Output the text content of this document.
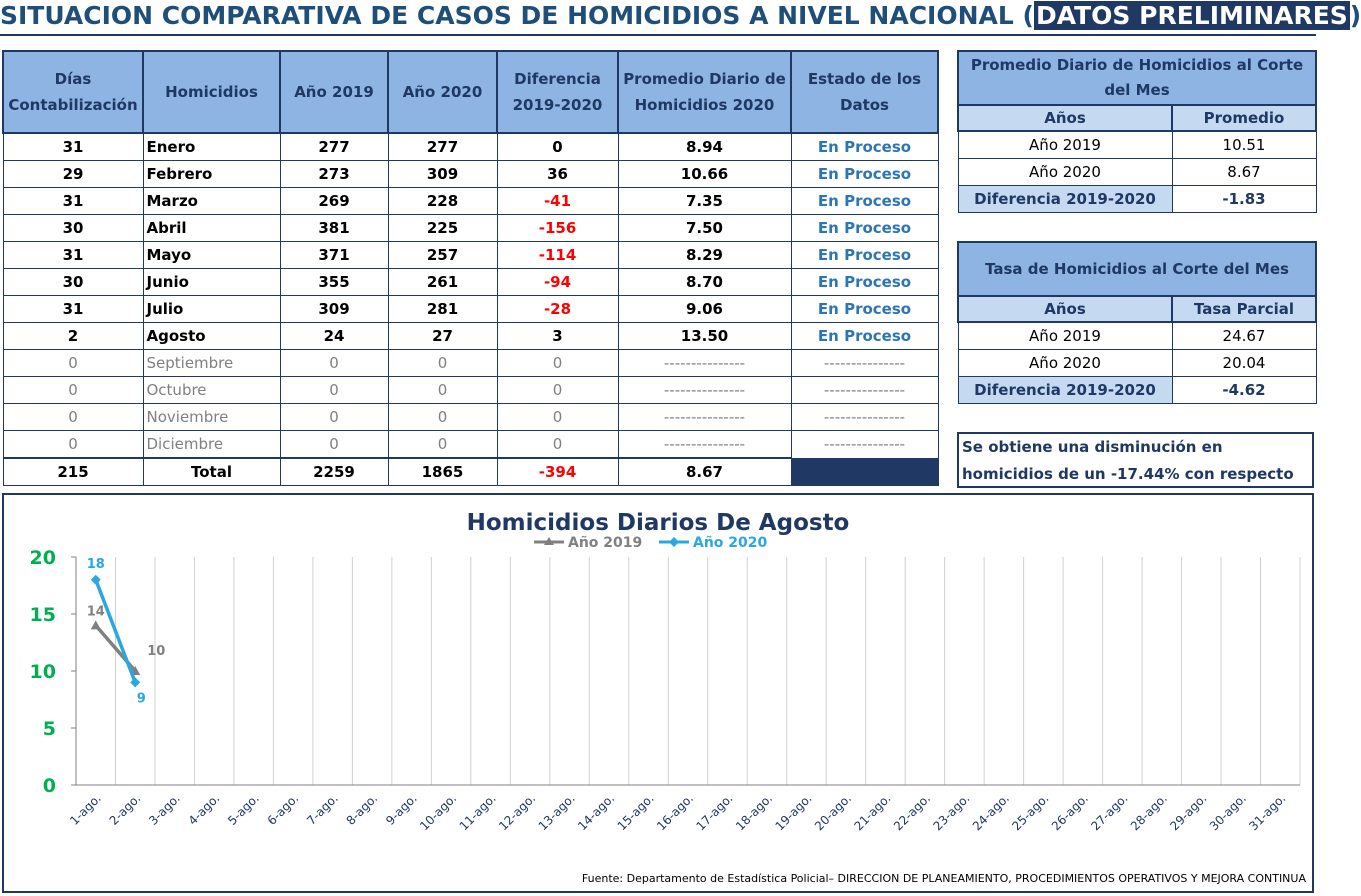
SITUACION COMPARATIVA DE CASOS DE HOMICIDIOS A NIVEL NACIONAL (DATOS PRELIMINARES)
Días Contabilización	Homicidios	Año 2019	Año 2020	Diferencia 2019-2020	Promedio Diario de Homicidios 2020	Estado de los Datos
31	Enero	277	277	0	8.94	En Proceso
29	Febrero	273	309	36	10.66	En Proceso
31	Marzo	269	228	-41	7.35	En Proceso
30	Abril	381	225	-156	7.50	En Proceso
31	Mayo	371	257	-114	8.29	En Proceso
30	Junio	355	261	-94	8.70	En Proceso
31	Julio	309	281	-28	9.06	En Proceso
2	Agosto	24	27	3	13.50	En Proceso
0	Septiembre	0	0	0	---------------	---------------
0	Octubre	0	0	0	---------------	---------------
0	Noviembre	0	0	0	---------------	---------------
0	Diciembre	0	0	0	---------------	---------------
215	Total	2259	1865	-394	8.67	
Promedio Diario de Homicidios al Corte del Mes	
Años	Promedio
Año 2019	10.51
Año 2020	8.67
Diferencia 2019-2020	-1.83
Tasa de Homicidios al Corte del Mes	
Años	Tasa Parcial
Año 2019	24.67
Año 2020	20.04
Diferencia 2019-2020	-4.62
Se obtiene una disminución en homicidios de un -17.44% con respecto
Homicidios Diarios De Agosto
Año 2019	Año 2020
0
5
10
15
20
1-ago. 2-ago. 3-ago. 4-ago. 5-ago. 6-ago. 7-ago. 8-ago. 9-ago.
10-ago.
11-ago.
12-ago.
13-ago.
14-ago.
15-ago.
16-ago.
17-ago.
18-ago.
19-ago.
20-ago.
21-ago.
22-ago.
23-ago.
24-ago.
25-ago.
26-ago.
27-ago.
28-ago.
29-ago.
30-ago.
31-ago.
14
10
18
9
Fuente: Departamento de Estadística Policial– DIRECCION DE PLANEAMIENTO, PROCEDIMIENTOS OPERATIVOS Y MEJORA CONTINUA
